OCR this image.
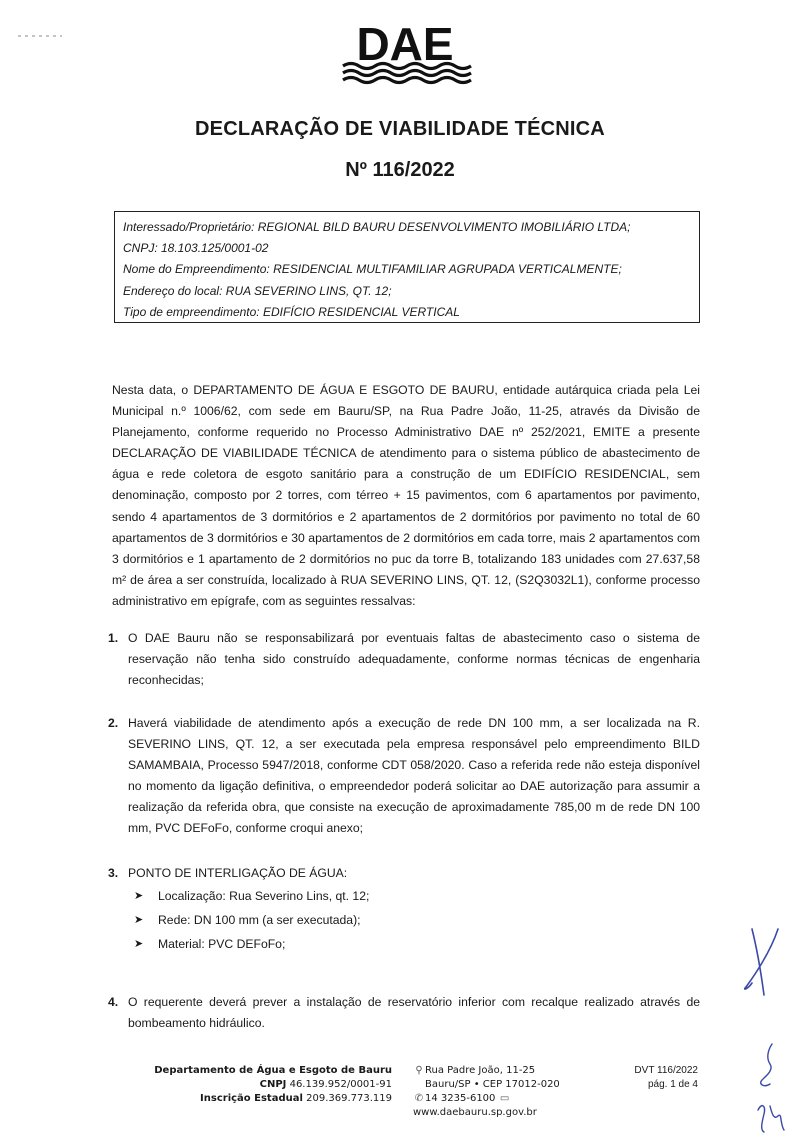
DAE
DECLARAÇÃO DE VIABILIDADE TÉCNICA
Nº 116/2022
Interessado/Proprietário: REGIONAL BILD BAURU DESENVOLVIMENTO IMOBILIÁRIO LTDA;
CNPJ: 18.103.125/0001-02
Nome do Empreendimento: RESIDENCIAL MULTIFAMILIAR AGRUPADA VERTICALMENTE;
Endereço do local: RUA SEVERINO LINS, QT. 12;
Tipo de empreendimento: EDIFÍCIO RESIDENCIAL VERTICAL
Nesta data, o DEPARTAMENTO DE ÁGUA E ESGOTO DE BAURU, entidade autárquica criada pela Lei Municipal n.º 1006/62, com sede em Bauru/SP, na Rua Padre João, 11-25, através da Divisão de Planejamento, conforme requerido no Processo Administrativo DAE nº 252/2021, EMITE a presente DECLARAÇÃO DE VIABILIDADE TÉCNICA de atendimento para o sistema público de abastecimento de água e rede coletora de esgoto sanitário para a construção de um EDIFÍCIO RESIDENCIAL, sem denominação, composto por 2 torres, com térreo + 15 pavimentos, com 6 apartamentos por pavimento, sendo 4 apartamentos de 3 dormitórios e 2 apartamentos de 2 dormitórios por pavimento no total de 60 apartamentos de 3 dormitórios e 30 apartamentos de 2 dormitórios em cada torre, mais 2 apartamentos com 3 dormitórios e 1 apartamento de 2 dormitórios no puc da torre B, totalizando 183 unidades com 27.637,58 m² de área a ser construída, localizado à RUA SEVERINO LINS, QT. 12, (S2Q3032L1), conforme processo administrativo em epígrafe, com as seguintes ressalvas:
1. O DAE Bauru não se responsabilizará por eventuais faltas de abastecimento caso o sistema de reservação não tenha sido construído adequadamente, conforme normas técnicas de engenharia reconhecidas;
2. Haverá viabilidade de atendimento após a execução de rede DN 100 mm, a ser localizada na R. SEVERINO LINS, QT. 12, a ser executada pela empresa responsável pelo empreendimento BILD SAMAMBAIA, Processo 5947/2018, conforme CDT 058/2020. Caso a referida rede não esteja disponível no momento da ligação definitiva, o empreendedor poderá solicitar ao DAE autorização para assumir a realização da referida obra, que consiste na execução de aproximadamente 785,00 m de rede DN 100 mm, PVC DEFoFo, conforme croqui anexo;
3. PONTO DE INTERLIGAÇÃO DE ÁGUA:
➤ Localização: Rua Severino Lins, qt. 12;
➤ Rede: DN 100 mm (a ser executada);
➤ Material: PVC DEFoFo;
4. O requerente deverá prever a instalação de reservatório inferior com recalque realizado através de bombeamento hidráulico.
Departamento de Água e Esgoto de Bauru
CNPJ 46.139.952/0001-91
Inscrição Estadual 209.369.773.119
⚲ Rua Padre João, 11-25
Bauru/SP • CEP 17012-020
✆ 14 3235-6100 ▭www.daebauru.sp.gov.br
DVT 116/2022
pág. 1 de 4
